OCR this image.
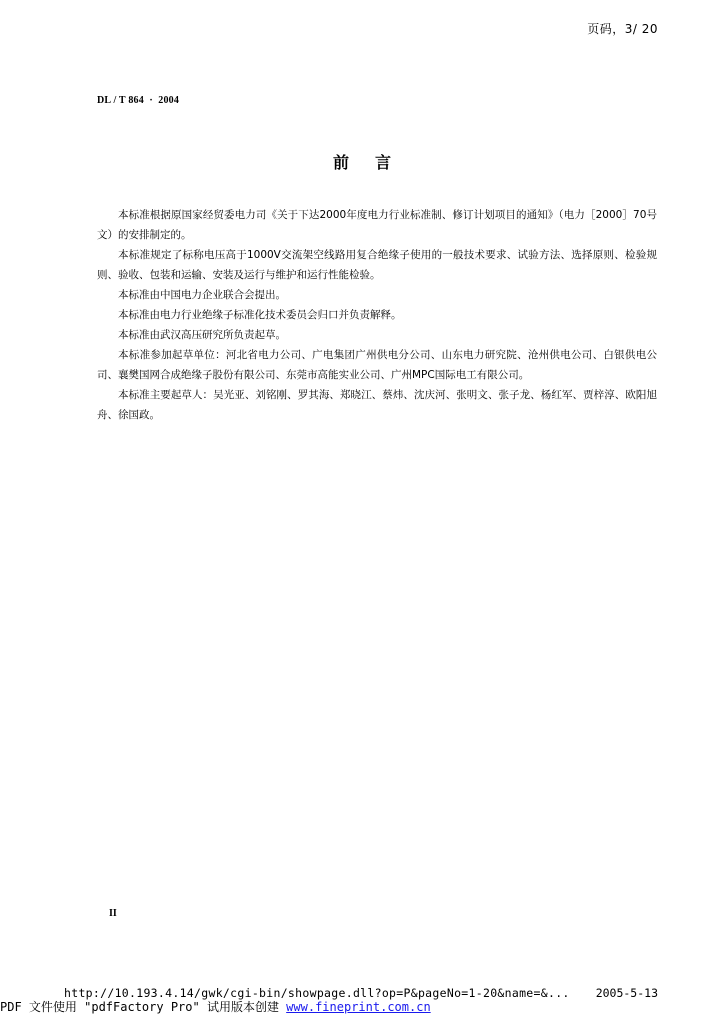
页码，3/ 20
DL / T 864  ·  2004
前言

本标准根据原国家经贸委电力司《关于下达2000年度电力行业标准制、修订计划项目的通知》（电力［2000］70号文）的安排制定的。

本标准规定了标称电压高于1000V交流架空线路用复合绝缘子使用的一般技术要求、试验方法、选择原则、检验规则、验收、包装和运输、安装及运行与维护和运行性能检验。

本标准由中国电力企业联合会提出。

本标准由电力行业绝缘子标准化技术委员会归口并负责解释。

本标准由武汉高压研究所负责起草。

本标准参加起草单位：河北省电力公司、广电集团广州供电分公司、山东电力研究院、沧州供电公司、白银供电公司、襄樊国网合成绝缘子股份有限公司、东莞市高能实业公司、广州MPC国际电工有限公司。

本标准主要起草人：吴光亚、刘铭刚、罗其海、郑晓江、蔡炜、沈庆河、张明文、张子龙、杨红军、贾梓淳、欧阳旭舟、徐国政。

II
http://10.193.4.14/gwk/cgi-bin/showpage.dll?op=P&pageNo=1-20&name=&... 2005-5-13
PDF 文件使用 "pdfFactory Pro" 试用版本创建 www.fineprint.com.cn
